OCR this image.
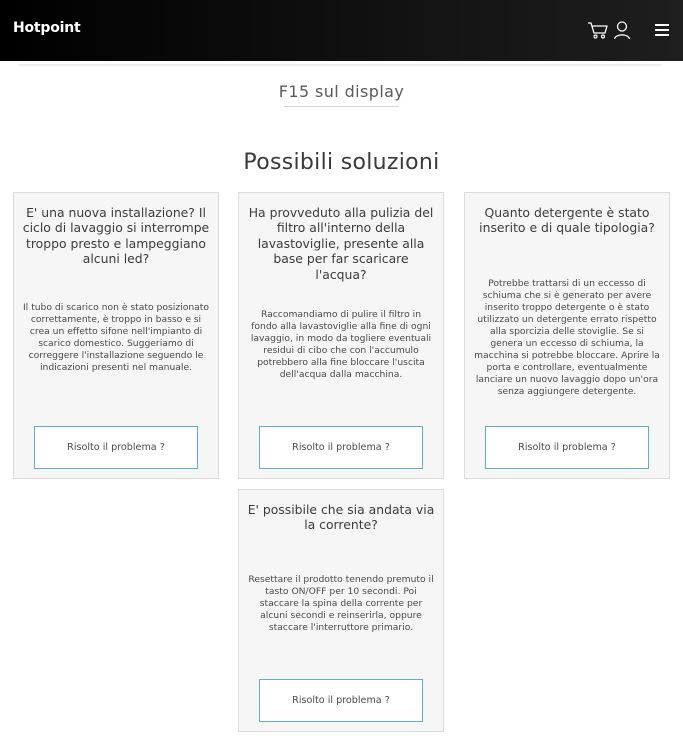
Hotpoint
F15 sul display
Possibili soluzioni
E' una nuova installazione? Il ciclo di lavaggio si interrompe troppo presto e lampeggiano alcuni led?
Il tubo di scarico non è stato posizionato correttamente, è troppo in basso e si crea un effetto sifone nell'impianto di scarico domestico. Suggeriamo di correggere l'installazione seguendo le indicazioni presenti nel manuale.
Risolto il problema ?
Ha provveduto alla pulizia del filtro all'interno della lavastoviglie, presente alla base per far scaricare l'acqua?
Raccomandiamo di pulire il filtro in fondo alla lavastoviglie alla fine di ogni lavaggio, in modo da togliere eventuali residui di cibo che con l'accumulo potrebbero alla fine bloccare l'uscita dell'acqua dalla macchina.
Risolto il problema ?
Quanto detergente è stato inserito e di quale tipologia?
Potrebbe trattarsi di un eccesso di schiuma che si è generato per avere inserito troppo detergente o è stato utilizzato un detergente errato rispetto alla sporcizia delle stoviglie. Se si genera un eccesso di schiuma, la macchina si potrebbe bloccare. Aprire la porta e controllare, eventualmente lanciare un nuovo lavaggio dopo un'ora senza aggiungere detergente.
Risolto il problema ?
E' possibile che sia andata via la corrente?
Resettare il prodotto tenendo premuto il tasto ON/OFF per 10 secondi. Poi staccare la spina della corrente per alcuni secondi e reinserirla, oppure staccare l'interruttore primario.
Risolto il problema ?
